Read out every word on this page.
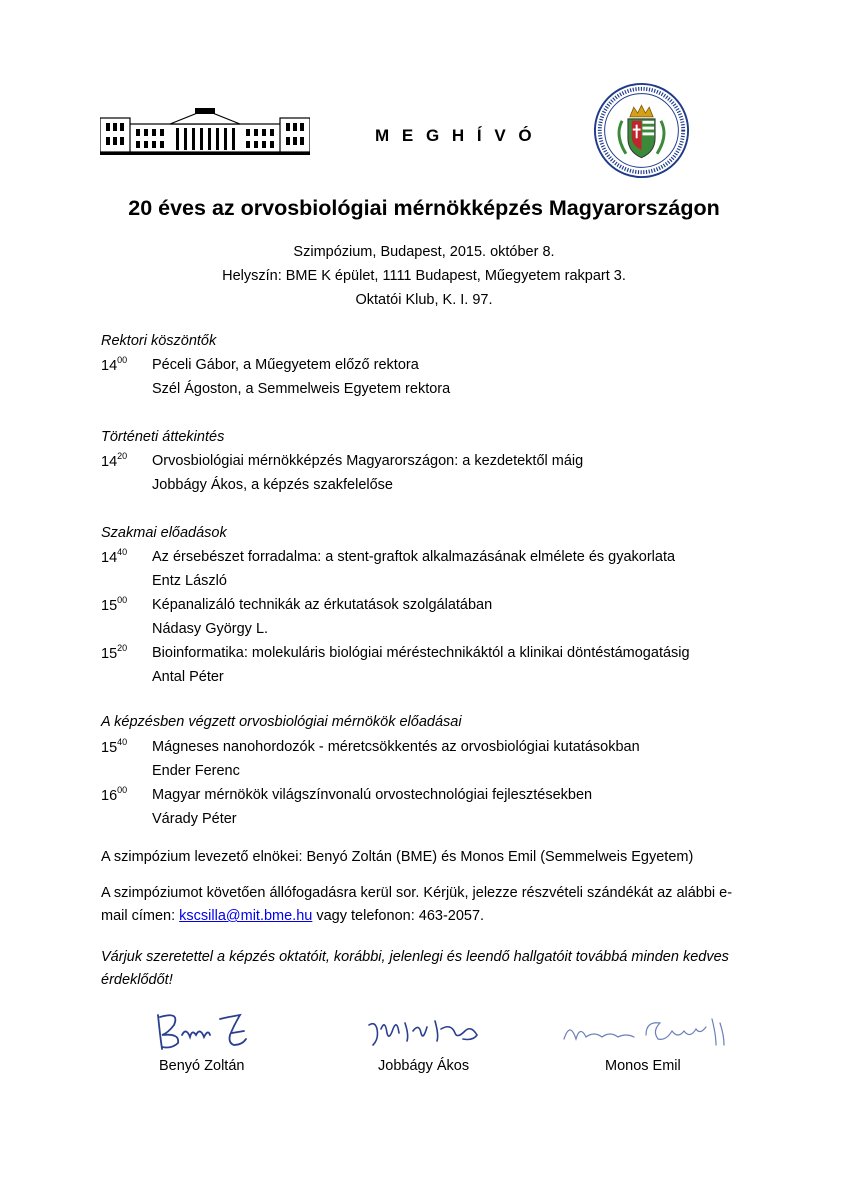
M E G H Í V Ó
20 éves az orvosbiológiai mérnökképzés Magyarországon
Szimpózium, Budapest, 2015. október 8.
Helyszín: BME K épület, 1111 Budapest, Műegyetem rakpart 3.
Oktatói Klub, K. I. 97.
Rektori köszöntők
$14^{00}$ Péceli Gábor, a Műegyetem előző rektora
Szél Ágoston, a Semmelweis Egyetem rektora
Történeti áttekintés
$14^{20}$ Orvosbiológiai mérnökképzés Magyarországon: a kezdetektől máig
Jobbágy Ákos, a képzés szakfelelőse
Szakmai előadások
$14^{40}$ Az érsebészet forradalma: a stent-graftok alkalmazásának elmélete és gyakorlata
Entz László
$15^{00}$ Képanalizáló technikák az érkutatások szolgálatában
Nádasy György L.
$15^{20}$ Bioinformatika: molekuláris biológiai méréstechnikáktól a klinikai döntéstámogatásig
Antal Péter
A képzésben végzett orvosbiológiai mérnökök előadásai
$15^{40}$ Mágneses nanohordozók - méretcsökkentés az orvosbiológiai kutatásokban
Ender Ferenc
$16^{00}$ Magyar mérnökök világszínvonalú orvostechnológiai fejlesztésekben
Várady Péter
A szimpózium levezető elnökei: Benyó Zoltán (BME) és Monos Emil (Semmelweis Egyetem)
A szimpóziumot követően állófogadásra kerül sor. Kérjük, jelezze részvételi szándékát az alábbi e-mail címen: kscsilla@mit.bme.hu vagy telefonon: 463-2057.
Várjuk szeretettel a képzés oktatóit, korábbi, jelenlegi és leendő hallgatóit továbbá minden kedves érdeklődőt!
Benyó Zoltán	Jobbágy Ákos	Monos Emil
